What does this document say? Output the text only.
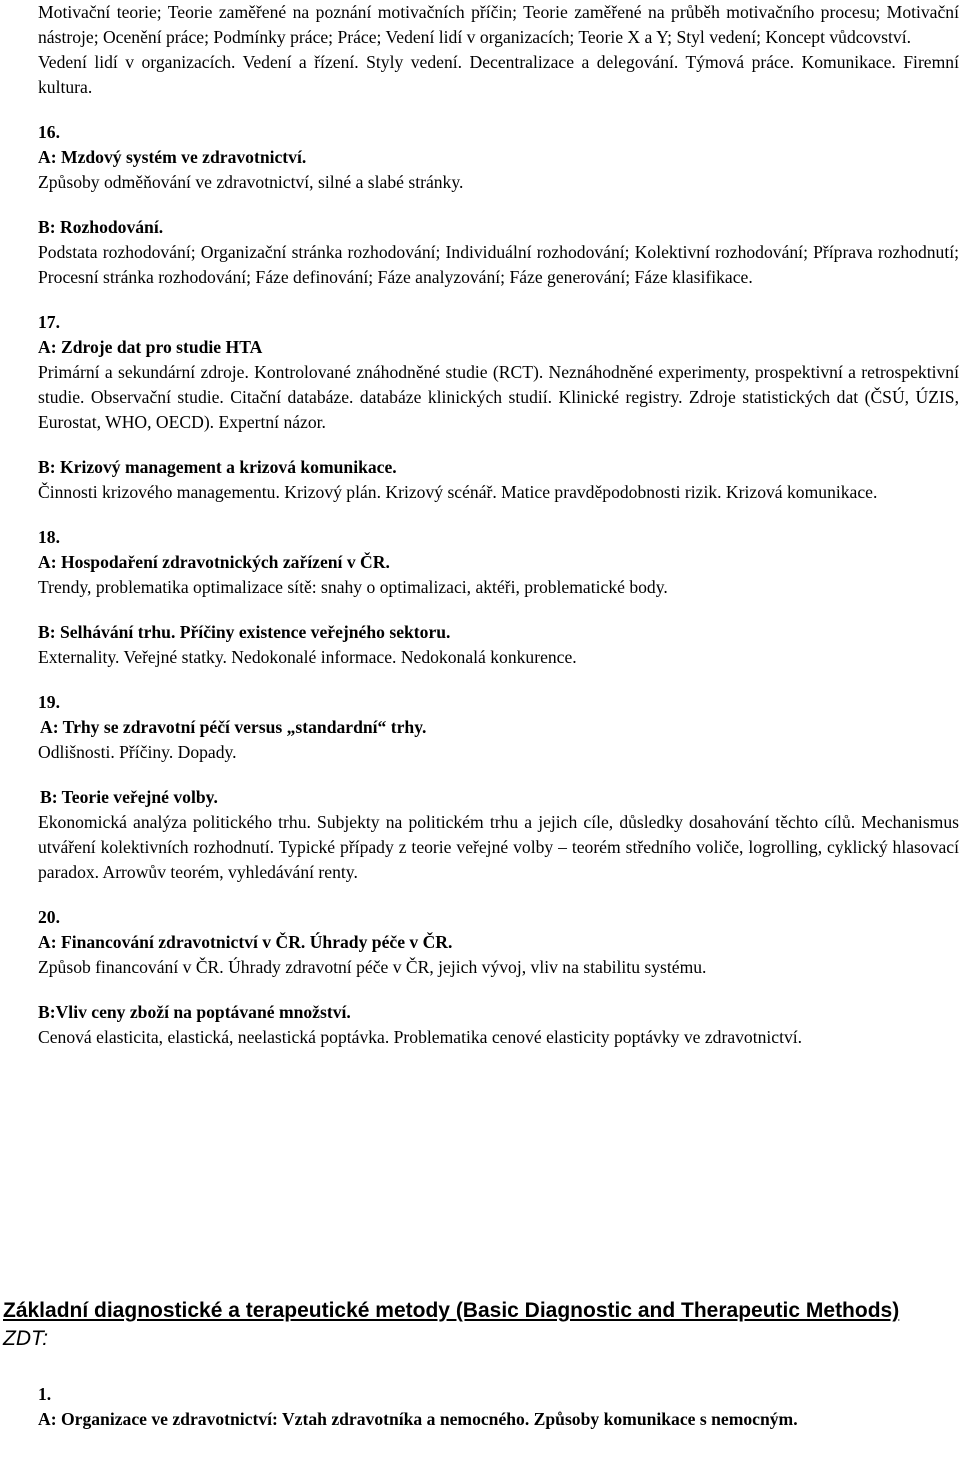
Motivační teorie; Teorie zaměřené na poznání motivačních příčin; Teorie zaměřené na průběh motivačního procesu; Motivační nástroje; Ocenění práce; Podmínky práce; Práce; Vedení lidí v organizacích; Teorie X a Y; Styl vedení; Koncept vůdcovství.

Vedení lidí v organizacích. Vedení a řízení. Styly vedení. Decentralizace a delegování. Týmová práce. Komunikace. Firemní kultura.

16.

A: Mzdový systém ve zdravotnictví.

Způsoby odměňování ve zdravotnictví, silné a slabé stránky.

B: Rozhodování.

Podstata rozhodování; Organizační stránka rozhodování; Individuální rozhodování; Kolektivní rozhodování; Příprava rozhodnutí; Procesní stránka rozhodování; Fáze definování; Fáze analyzování; Fáze generování; Fáze klasifikace.

17.

A: Zdroje dat pro studie HTA

Primární a sekundární zdroje. Kontrolované znáhodněné studie (RCT). Neznáhodněné experimenty, prospektivní a retrospektivní studie. Observační studie. Citační databáze. databáze klinických studií. Klinické registry. Zdroje statistických dat (ČSÚ, ÚZIS, Eurostat, WHO, OECD). Expertní názor.

B: Krizový management a krizová komunikace.

Činnosti krizového managementu. Krizový plán. Krizový scénář. Matice pravděpodobnosti rizik. Krizová komunikace.

18.

A: Hospodaření zdravotnických zařízení v ČR.

Trendy, problematika optimalizace sítě: snahy o optimalizaci, aktéři, problematické body.

B: Selhávání trhu. Příčiny existence veřejného sektoru.

Externality. Veřejné statky. Nedokonalé informace. Nedokonalá konkurence.

19.

A: Trhy se zdravotní péčí versus „standardní“ trhy.

Odlišnosti. Příčiny. Dopady.

B: Teorie veřejné volby.

Ekonomická analýza politického trhu. Subjekty na politickém trhu a jejich cíle, důsledky dosahování těchto cílů. Mechanismus utváření kolektivních rozhodnutí. Typické případy z teorie veřejné volby – teorém středního voliče, logrolling, cyklický hlasovací paradox. Arrowův teorém, vyhledávání renty.

20.

A: Financování zdravotnictví v ČR. Úhrady péče v ČR.

Způsob financování v ČR. Úhrady zdravotní péče v ČR, jejich vývoj, vliv na stabilitu systému.

B:Vliv ceny zboží na poptávané množství.

Cenová elasticita, elastická, neelastická poptávka. Problematika cenové elasticity poptávky ve zdravotnictví.

Základní diagnostické a terapeutické metody (Basic Diagnostic and Therapeutic Methods)
ZDT:

1.

A: Organizace ve zdravotnictví: Vztah zdravotníka a nemocného. Způsoby komunikace s nemocným.
